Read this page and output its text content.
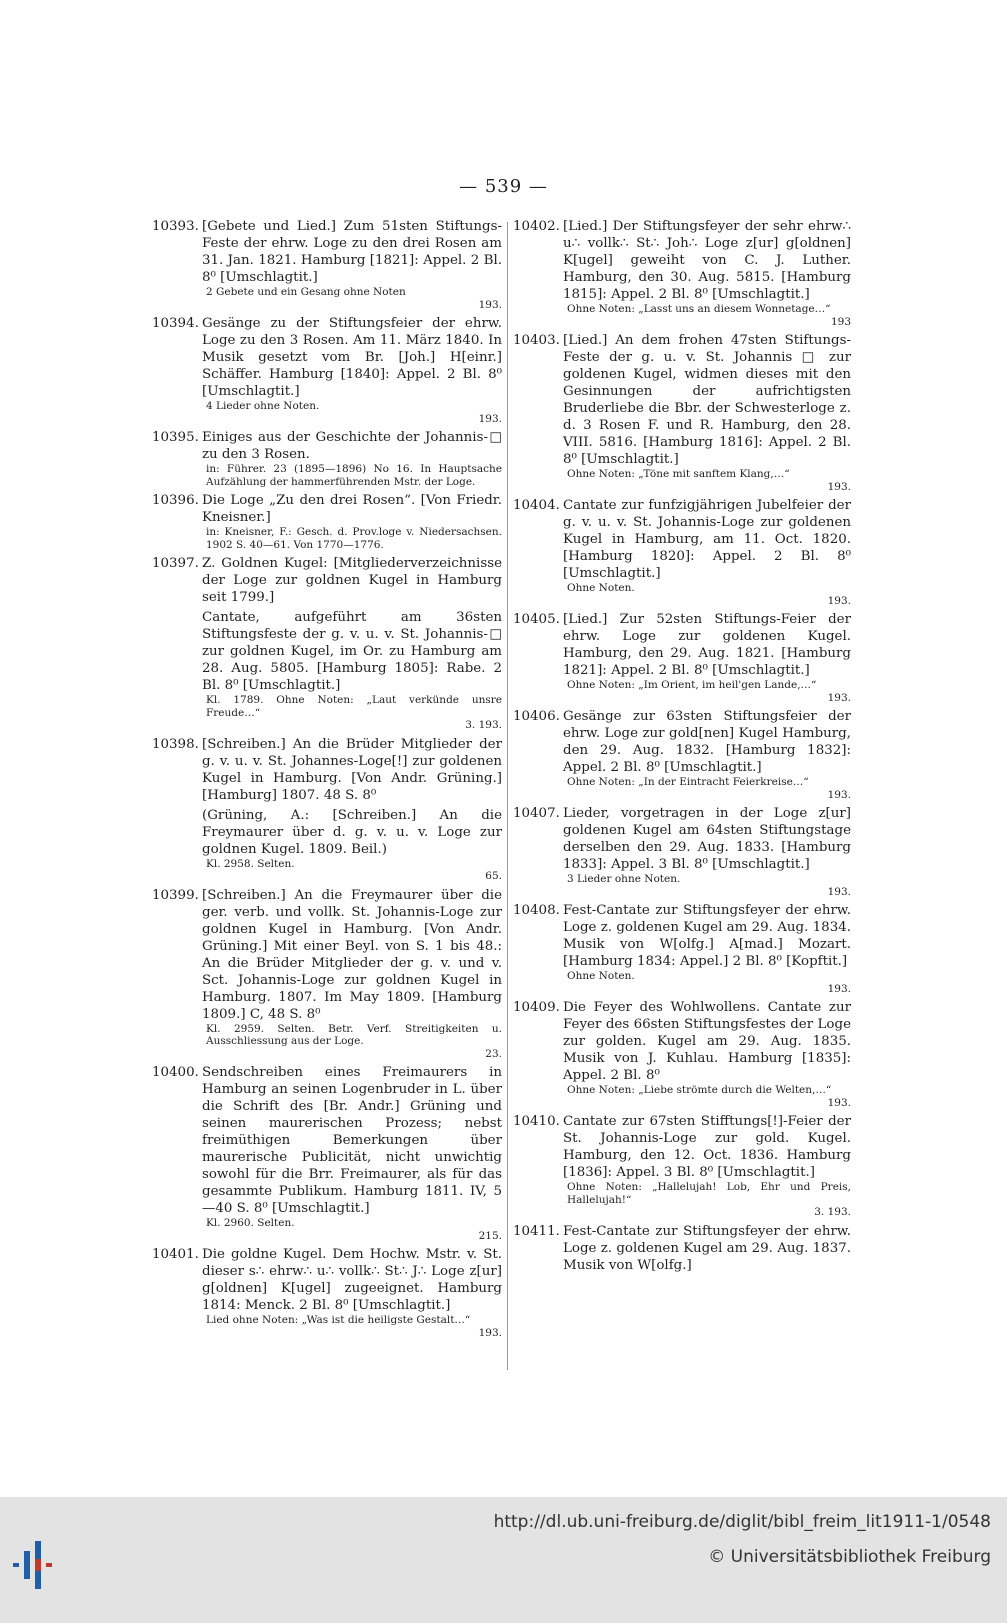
— 539 —
10393. [Gebete und Lied.] Zum 51sten Stiftungs-Feste der ehrw. Loge zu den drei Rosen am 31. Jan. 1821. Hamburg [1821]: Appel. 2 Bl. 8⁰ [Umschlagtit.]
2 Gebete und ein Gesang ohne Noten
193.
10394. Gesänge zu der Stiftungsfeier der ehrw. Loge zu den 3 Rosen. Am 11. März 1840. In Musik gesetzt vom Br. [Joh.] H[einr.] Schäffer. Hamburg [1840]: Appel. 2 Bl. 8⁰ [Umschlagtit.]
4 Lieder ohne Noten.
193.
10395. Einiges aus der Geschichte der Johannis-□ zu den 3 Rosen.
in: Führer. 23 (1895—1896) No 16. In Hauptsache Aufzählung der hammerführenden Mstr. der Loge.
10396. Die Loge „Zu den drei Rosen“. [Von Friedr. Kneisner.]
in: Kneisner, F.: Gesch. d. Prov.loge v. Niedersachsen. 1902 S. 40—61. Von 1770—1776.
10397. Z. Goldnen Kugel: [Mitgliederverzeichnisse der Loge zur goldnen Kugel in Hamburg seit 1799.]
Cantate, aufgeführt am 36sten Stiftungsfeste der g. v. u. v. St. Johannis-□ zur goldnen Kugel, im Or. zu Hamburg am 28. Aug. 5805. [Hamburg 1805]: Rabe. 2 Bl. 8⁰ [Umschlagtit.]
Kl. 1789. Ohne Noten: „Laut verkünde unsre Freude…“
3. 193.
10398. [Schreiben.] An die Brüder Mitglieder der g. v. u. v. St. Johannes-Loge[!] zur goldenen Kugel in Hamburg. [Von Andr. Grüning.] [Hamburg] 1807. 48 S. 8⁰
(Grüning, A.: [Schreiben.] An die Freymaurer über d. g. v. u. v. Loge zur goldnen Kugel. 1809. Beil.)
Kl. 2958. Selten.
65.
10399. [Schreiben.] An die Freymaurer über die ger. verb. und vollk. St. Johannis-Loge zur goldnen Kugel in Hamburg. [Von Andr. Grüning.] Mit einer Beyl. von S. 1 bis 48.: An die Brüder Mitglieder der g. v. und v. Sct. Johannis-Loge zur goldnen Kugel in Hamburg. 1807. Im May 1809. [Hamburg 1809.] C, 48 S. 8⁰
Kl. 2959. Selten. Betr. Verf. Streitigkeiten u. Ausschliessung aus der Loge.
23.
10400. Sendschreiben eines Freimaurers in Hamburg an seinen Logenbruder in L. über die Schrift des [Br. Andr.] Grüning und seinen maurerischen Prozess; nebst freimüthigen Bemerkungen über maurerische Publicität, nicht unwichtig sowohl für die Brr. Freimaurer, als für das gesammte Publikum. Hamburg 1811. IV, 5—40 S. 8⁰ [Umschlagtit.]
Kl. 2960. Selten.
215.
10401. Die goldne Kugel. Dem Hochw. Mstr. v. St. dieser s∴ ehrw∴ u∴ vollk∴ St∴ J∴ Loge z[ur] g[oldnen] K[ugel] zugeeignet. Hamburg 1814: Menck. 2 Bl. 8⁰ [Umschlagtit.]
Lied ohne Noten: „Was ist die heiligste Gestalt…“
193.
10402. [Lied.] Der Stiftungsfeyer der sehr ehrw∴ u∴ vollk∴ St∴ Joh∴ Loge z[ur] g[oldnen] K[ugel] geweiht von C. J. Luther. Hamburg, den 30. Aug. 5815. [Hamburg 1815]: Appel. 2 Bl. 8⁰ [Umschlagtit.]
Ohne Noten: „Lasst uns an diesem Wonnetage…“
193
10403. [Lied.] An dem frohen 47sten Stiftungs-Feste der g. u. v. St. Johannis □ zur goldenen Kugel, widmen dieses mit den Gesinnungen der aufrichtigsten Bruderliebe die Bbr. der Schwesterloge z. d. 3 Rosen F. und R. Hamburg, den 28. VIII. 5816. [Hamburg 1816]: Appel. 2 Bl. 8⁰ [Umschlagtit.]
Ohne Noten: „Töne mit sanftem Klang,…“
193.
10404. Cantate zur funfzigjährigen Jubelfeier der g. v. u. v. St. Johannis-Loge zur goldenen Kugel in Hamburg, am 11. Oct. 1820. [Hamburg 1820]: Appel. 2 Bl. 8⁰ [Umschlagtit.]
Ohne Noten.
193.
10405. [Lied.] Zur 52sten Stiftungs-Feier der ehrw. Loge zur goldenen Kugel. Hamburg, den 29. Aug. 1821. [Hamburg 1821]: Appel. 2 Bl. 8⁰ [Umschlagtit.]
Ohne Noten: „Im Orient, im heil'gen Lande,…“
193.
10406. Gesänge zur 63sten Stiftungsfeier der ehrw. Loge zur gold[nen] Kugel Hamburg, den 29. Aug. 1832. [Hamburg 1832]: Appel. 2 Bl. 8⁰ [Umschlagtit.]
Ohne Noten: „In der Eintracht Feierkreise…“
193.
10407. Lieder, vorgetragen in der Loge z[ur] goldenen Kugel am 64sten Stiftungstage derselben den 29. Aug. 1833. [Hamburg 1833]: Appel. 3 Bl. 8⁰ [Umschlagtit.]
3 Lieder ohne Noten.
193.
10408. Fest-Cantate zur Stiftungsfeyer der ehrw. Loge z. goldenen Kugel am 29. Aug. 1834. Musik von W[olfg.] A[mad.] Mozart. [Hamburg 1834: Appel.] 2 Bl. 8⁰ [Kopftit.]
Ohne Noten.
193.
10409. Die Feyer des Wohlwollens. Cantate zur Feyer des 66sten Stiftungsfestes der Loge zur golden. Kugel am 29. Aug. 1835. Musik von J. Kuhlau. Hamburg [1835]: Appel. 2 Bl. 8⁰
Ohne Noten: „Liebe strömte durch die Welten,…“
193.
10410. Cantate zur 67sten Stifftungs[!]-Feier der St. Johannis-Loge zur gold. Kugel. Hamburg, den 12. Oct. 1836. Hamburg [1836]: Appel. 3 Bl. 8⁰ [Umschlagtit.]
Ohne Noten: „Hallelujah! Lob, Ehr und Preis, Hallelujah!“
3. 193.
10411. Fest-Cantate zur Stiftungsfeyer der ehrw. Loge z. goldenen Kugel am 29. Aug. 1837. Musik von W[olfg.]
http://dl.ub.uni-freiburg.de/diglit/bibl_freim_lit1911-1/0548
© Universitätsbibliothek Freiburg
